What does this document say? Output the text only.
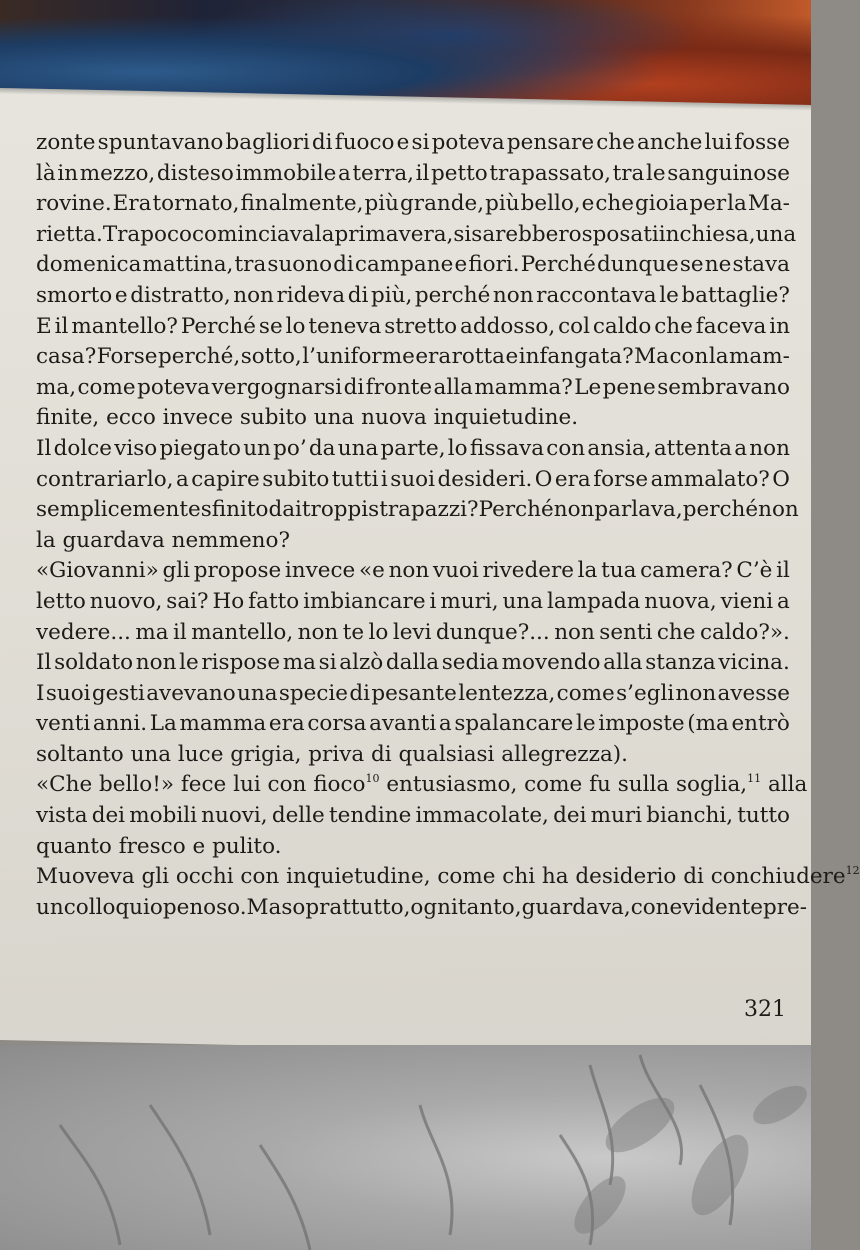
zonte spuntavano bagliori di fuoco e si poteva pensare che anche lui fosse
là in mezzo, disteso immobile a terra, il petto trapassato, tra le sanguinose
rovine. Era tornato, finalmente, più grande, più bello, e che gioia per la Ma-
rietta. Tra poco cominciava la primavera, si sarebbero sposati in chiesa, una
domenica mattina, tra suono di campane e fiori. Perché dunque se ne stava
smorto e distratto, non rideva di più, perché non raccontava le battaglie?
E il mantello? Perché se lo teneva stretto addosso, col caldo che faceva in
casa? Forse perché, sotto, l’uniforme era rotta e infangata? Ma con la mam-
ma, come poteva vergognarsi di fronte alla mamma? Le pene sembravano
finite, ecco invece subito una nuova inquietudine.
Il dolce viso piegato un po’ da una parte, lo fissava con ansia, attenta a non
contrariarlo, a capire subito tutti i suoi desideri. O era forse ammalato? O
semplicemente sfinito dai troppi strapazzi? Perché non parlava, perché non
la guardava nemmeno?
«Giovanni» gli propose invece «e non vuoi rivedere la tua camera? C’è il
letto nuovo, sai? Ho fatto imbiancare i muri, una lampada nuova, vieni a
vedere... ma il mantello, non te lo levi dunque?... non senti che caldo?».
Il soldato non le rispose ma si alzò dalla sedia movendo alla stanza vicina.
I suoi gesti avevano una specie di pesante lentezza, come s’egli non avesse
venti anni. La mamma era corsa avanti a spalancare le imposte (ma entrò
soltanto una luce grigia, priva di qualsiasi allegrezza).
«Che bello!» fece lui con fioco$^{10}$ entusiasmo, come fu sulla soglia,$^{11}$ alla
vista dei mobili nuovi, delle tendine immacolate, dei muri bianchi, tutto
quanto fresco e pulito.
Muoveva gli occhi con inquietudine, come chi ha desiderio di conchiudere$^{12}$
un colloquio penoso. Ma soprattutto, ogni tanto, guardava, con evidente pre-
321
